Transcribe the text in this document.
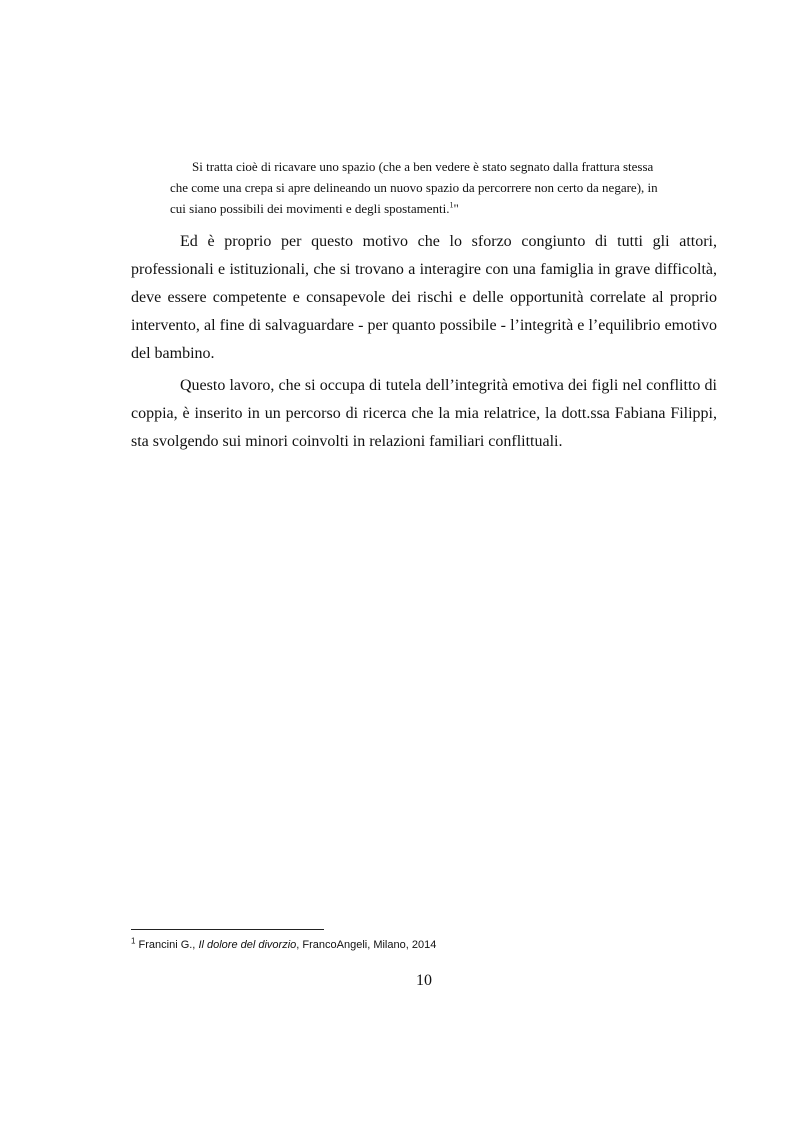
Si tratta cioè di ricavare uno spazio (che a ben vedere è stato segnato dalla frattura stessa
che come una crepa si apre delineando un nuovo spazio da percorrere non certo da negare), in
cui siano possibili dei movimenti e degli spostamenti.$^1$"

Ed è proprio per questo motivo che lo sforzo congiunto di tutti gli attori,
professionali e istituzionali, che si trovano a interagire con una famiglia in grave difficoltà,
deve essere competente e consapevole dei rischi e delle opportunità correlate al proprio
intervento, al fine di salvaguardare - per quanto possibile - l’integrità e l’equilibrio emotivo
del bambino.

Questo lavoro, che si occupa di tutela dell’integrità emotiva dei figli nel conflitto di
coppia, è inserito in un percorso di ricerca che la mia relatrice, la dott.ssa Fabiana Filippi,
sta svolgendo sui minori coinvolti in relazioni familiari conflittuali.

$^1$ Francini G., Il dolore del divorzio, FrancoAngeli, Milano, 2014
10
